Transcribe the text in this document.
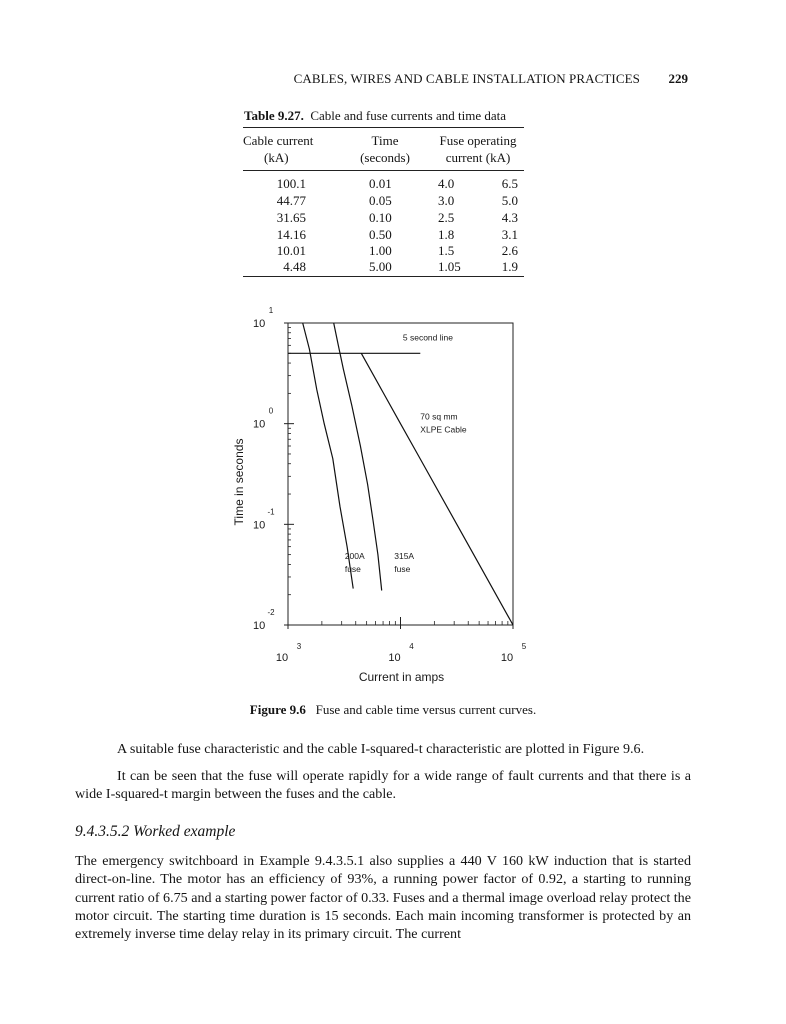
CABLES, WIRES AND CABLE INSTALLATION PRACTICES 229
Table 9.27. Cable and fuse currents and time data
Cable current
(kA)
Time
(seconds)
Fuse operating
current (kA)
100.1	0.01	4.0	6.5
44.77	0.05	3.0	5.0
31.65	0.10	2.5	4.3
14.16	0.50	1.8	3.1
10.01	1.00	1.5	2.6
4.48	5.00	1.05	1.9
10
1
10
0
10
-1
10
-2
10
3
10
4
10
5
Current in amps
Time in seconds
200A
fuse
315A
fuse
70 sq mm
XLPE Cable
5 second line
Figure 9.6 Fuse and cable time versus current curves.
A suitable fuse characteristic and the cable I-squared-t characteristic are plotted in Figure 9.6.
It can be seen that the fuse will operate rapidly for a wide range of fault currents and that there is a wide I-squared-t margin between the fuses and the cable.
9.4.3.5.2 Worked example
The emergency switchboard in Example 9.4.3.5.1 also supplies a 440 V 160 kW induction that is started direct-on-line. The motor has an efficiency of 93%, a running power factor of 0.92, a starting to running current ratio of 6.75 and a starting power factor of 0.33. Fuses and a thermal image overload relay protect the motor circuit. The starting time duration is 15 seconds. Each main incoming transformer is protected by an extremely inverse time delay relay in its primary circuit. The current
